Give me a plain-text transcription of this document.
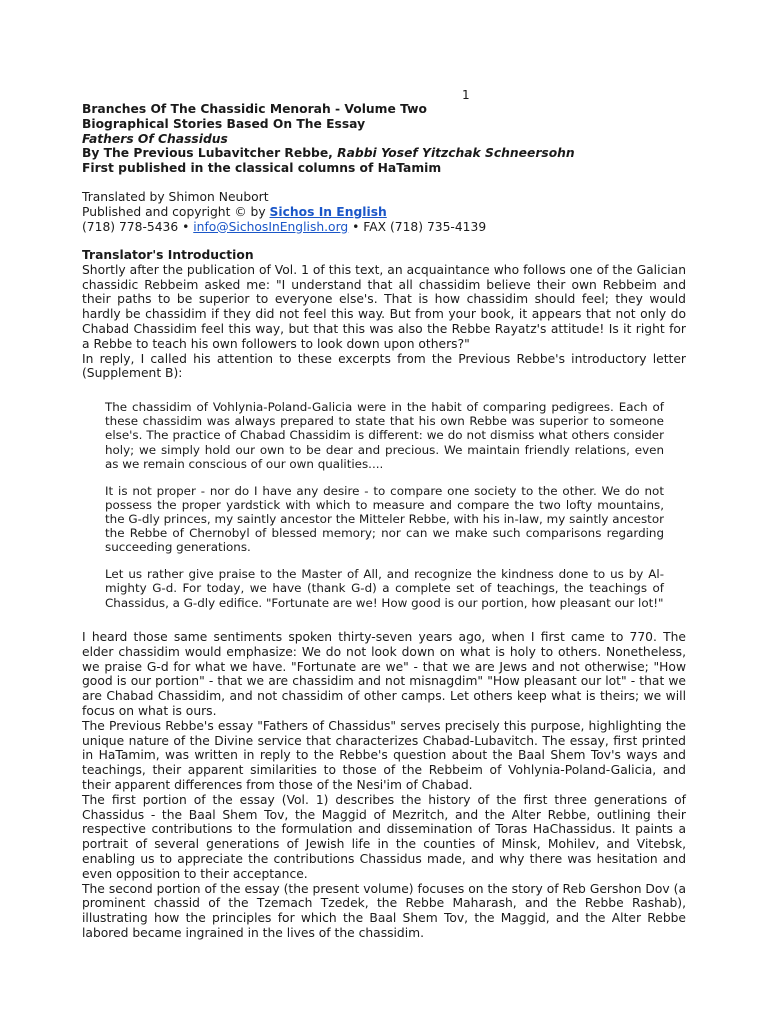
1
Branches Of The Chassidic Menorah - Volume Two
Biographical Stories Based On The Essay
Fathers Of Chassidus
By The Previous Lubavitcher Rebbe, Rabbi Yosef Yitzchak Schneersohn
First published in the classical columns of HaTamim
Translated by Shimon Neubort
Published and copyright © by Sichos In English
(718) 778-5436 • info@SichosInEnglish.org • FAX (718) 735-4139
Translator's Introduction

Shortly after the publication of Vol. 1 of this text, an acquaintance who follows one of the Galician chassidic Rebbeim asked me: "I understand that all chassidim believe their own Rebbeim and their paths to be superior to everyone else's. That is how chassidim should feel; they would hardly be chassidim if they did not feel this way. But from your book, it appears that not only do Chabad Chassidim feel this way, but that this was also the Rebbe Rayatz's attitude! Is it right for a Rebbe to teach his own followers to look down upon others?"

In reply, I called his attention to these excerpts from the Previous Rebbe's introductory letter (Supplement B):

The chassidim of Vohlynia-Poland-Galicia were in the habit of comparing pedigrees. Each of these chassidim was always prepared to state that his own Rebbe was superior to someone else's. The practice of Chabad Chassidim is different: we do not dismiss what others consider holy; we simply hold our own to be dear and precious. We maintain friendly relations, even as we remain conscious of our own qualities....

It is not proper - nor do I have any desire - to compare one society to the other. We do not possess the proper yardstick with which to measure and compare the two lofty mountains, the G-dly princes, my saintly ancestor the Mitteler Rebbe, with his in-law, my saintly ancestor the Rebbe of Chernobyl of blessed memory; nor can we make such comparisons regarding succeeding generations.

Let us rather give praise to the Master of All, and recognize the kindness done to us by Al-mighty G-d. For today, we have (thank G-d) a complete set of teachings, the teachings of Chassidus, a G-dly edifice. "Fortunate are we! How good is our portion, how pleasant our lot!"

I heard those same sentiments spoken thirty-seven years ago, when I first came to 770. The elder chassidim would emphasize: We do not look down on what is holy to others. Nonetheless, we praise G-d for what we have. "Fortunate are we" - that we are Jews and not otherwise; "How good is our portion" - that we are chassidim and not misnagdim" "How pleasant our lot" - that we are Chabad Chassidim, and not chassidim of other camps. Let others keep what is theirs; we will focus on what is ours.

The Previous Rebbe's essay "Fathers of Chassidus" serves precisely this purpose, highlighting the unique nature of the Divine service that characterizes Chabad-Lubavitch. The essay, first printed in HaTamim, was written in reply to the Rebbe's question about the Baal Shem Tov's ways and teachings, their apparent similarities to those of the Rebbeim of Vohlynia-Poland-Galicia, and their apparent differences from those of the Nesi'im of Chabad.

The first portion of the essay (Vol. 1) describes the history of the first three generations of Chassidus - the Baal Shem Tov, the Maggid of Mezritch, and the Alter Rebbe, outlining their respective contributions to the formulation and dissemination of Toras HaChassidus. It paints a portrait of several generations of Jewish life in the counties of Minsk, Mohilev, and Vitebsk, enabling us to appreciate the contributions Chassidus made, and why there was hesitation and even opposition to their acceptance.

The second portion of the essay (the present volume) focuses on the story of Reb Gershon Dov (a prominent chassid of the Tzemach Tzedek, the Rebbe Maharash, and the Rebbe Rashab), illustrating how the principles for which the Baal Shem Tov, the Maggid, and the Alter Rebbe labored became ingrained in the lives of the chassidim.
